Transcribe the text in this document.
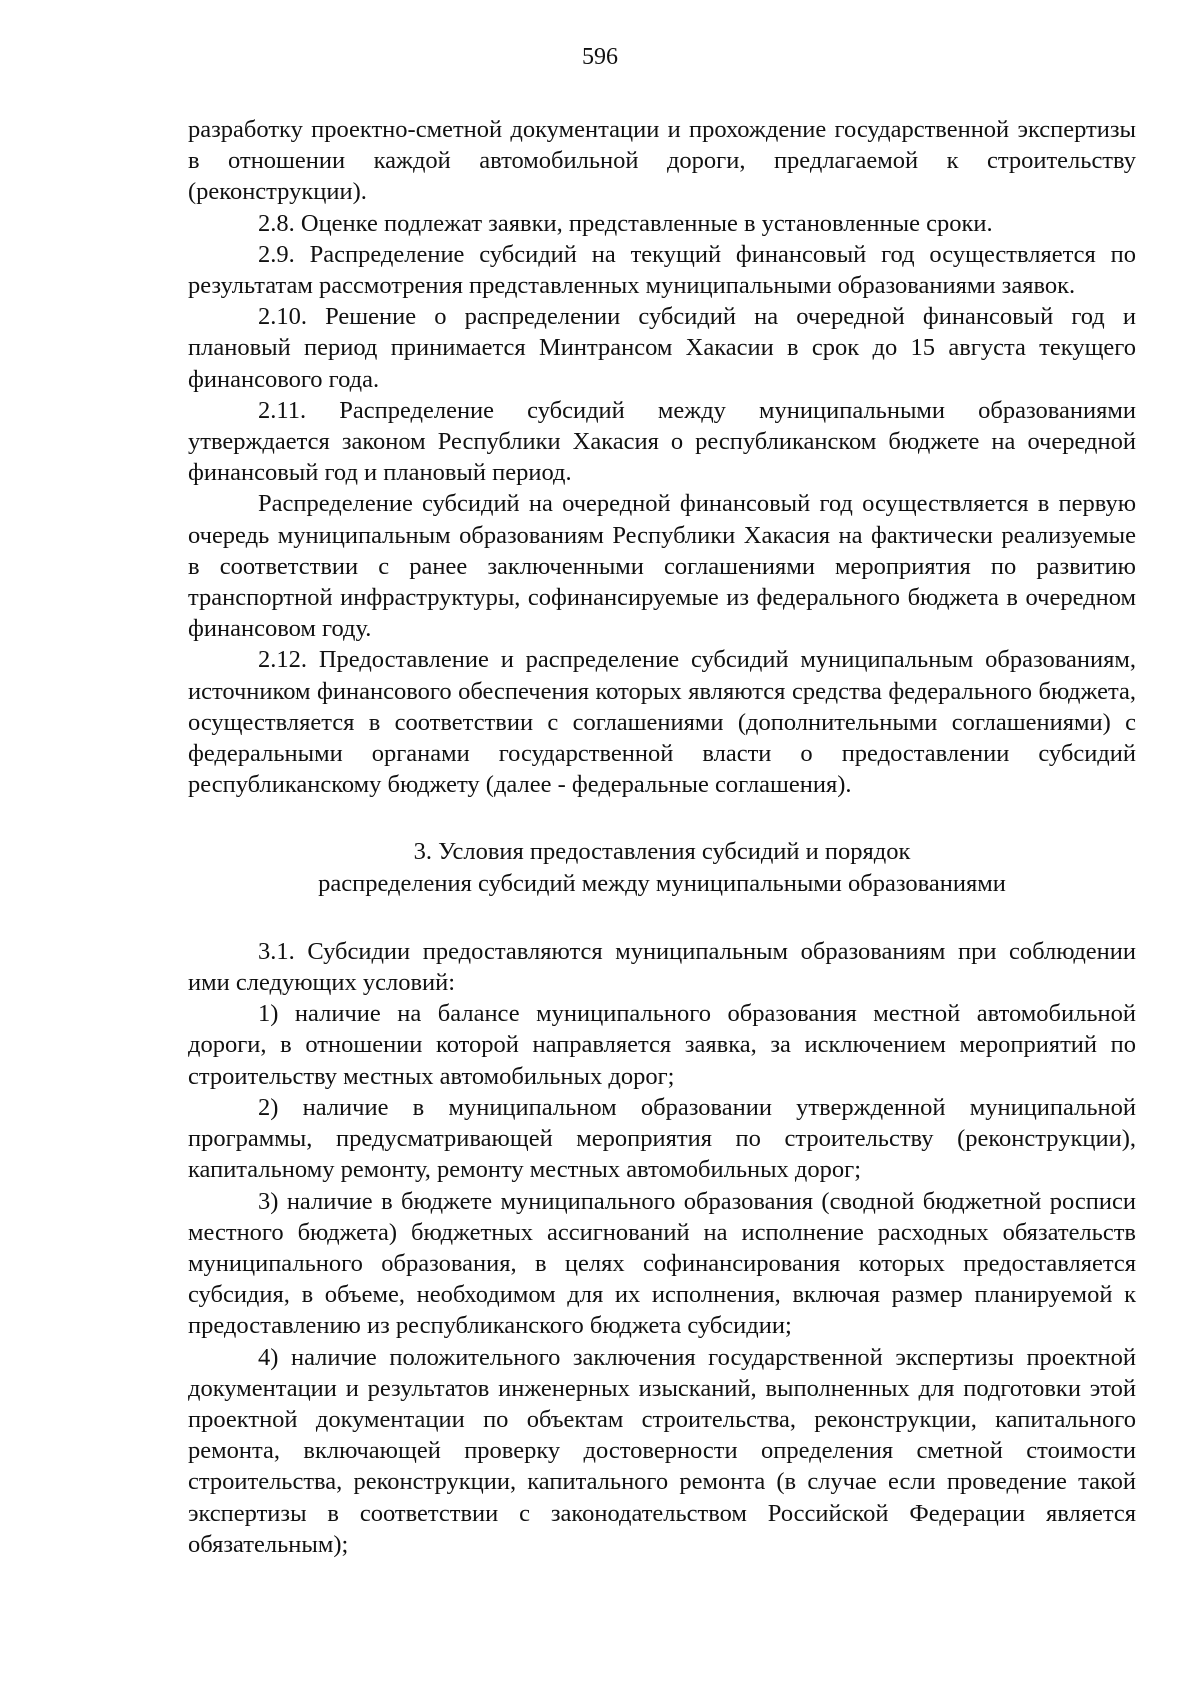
596

разработку проектно-сметной документации и прохождение государственной экспертизы в отношении каждой автомобильной дороги, предлагаемой к строительству (реконструкции).

2.8. Оценке подлежат заявки, представленные в установленные сроки.

2.9. Распределение субсидий на текущий финансовый год осуществляется по результатам рассмотрения представленных муниципальными образованиями заявок.

2.10. Решение о распределении субсидий на очередной финансовый год и плановый период принимается Минтрансом Хакасии в срок до 15 августа текущего финансового года.

2.11. Распределение субсидий между муниципальными образованиями утверждается законом Республики Хакасия о республиканском бюджете на очередной финансовый год и плановый период.

Распределение субсидий на очередной финансовый год осуществляется в первую очередь муниципальным образованиям Республики Хакасия на фактически реализуемые в соответствии с ранее заключенными соглашениями мероприятия по развитию транспортной инфраструктуры, софинансируемые из федерального бюджета в очередном финансовом году.

2.12. Предоставление и распределение субсидий муниципальным образованиям, источником финансового обеспечения которых являются средства федерального бюджета, осуществляется в соответствии с соглашениями (дополнительными соглашениями) с федеральными органами государственной власти о предоставлении субсидий республиканскому бюджету (далее - федеральные соглашения).

3. Условия предоставления субсидий и порядок
распределения субсидий между муниципальными образованиями

3.1. Субсидии предоставляются муниципальным образованиям при соблюдении ими следующих условий:

1) наличие на балансе муниципального образования местной автомобильной дороги, в отношении которой направляется заявка, за исключением мероприятий по строительству местных автомобильных дорог;

2) наличие в муниципальном образовании утвержденной муниципальной программы, предусматривающей мероприятия по строительству (реконструкции), капитальному ремонту, ремонту местных автомобильных дорог;

3) наличие в бюджете муниципального образования (сводной бюджетной росписи местного бюджета) бюджетных ассигнований на исполнение расходных обязательств муниципального образования, в целях софинансирования которых предоставляется субсидия, в объеме, необходимом для их исполнения, включая размер планируемой к предоставлению из республиканского бюджета субсидии;

4) наличие положительного заключения государственной экспертизы проектной документации и результатов инженерных изысканий, выполненных для подготовки этой проектной документации по объектам строительства, реконструкции, капитального ремонта, включающей проверку достоверности определения сметной стоимости строительства, реконструкции, капитального ремонта (в случае если проведение такой экспертизы в соответствии с законодательством Российской Федерации является обязательным);
